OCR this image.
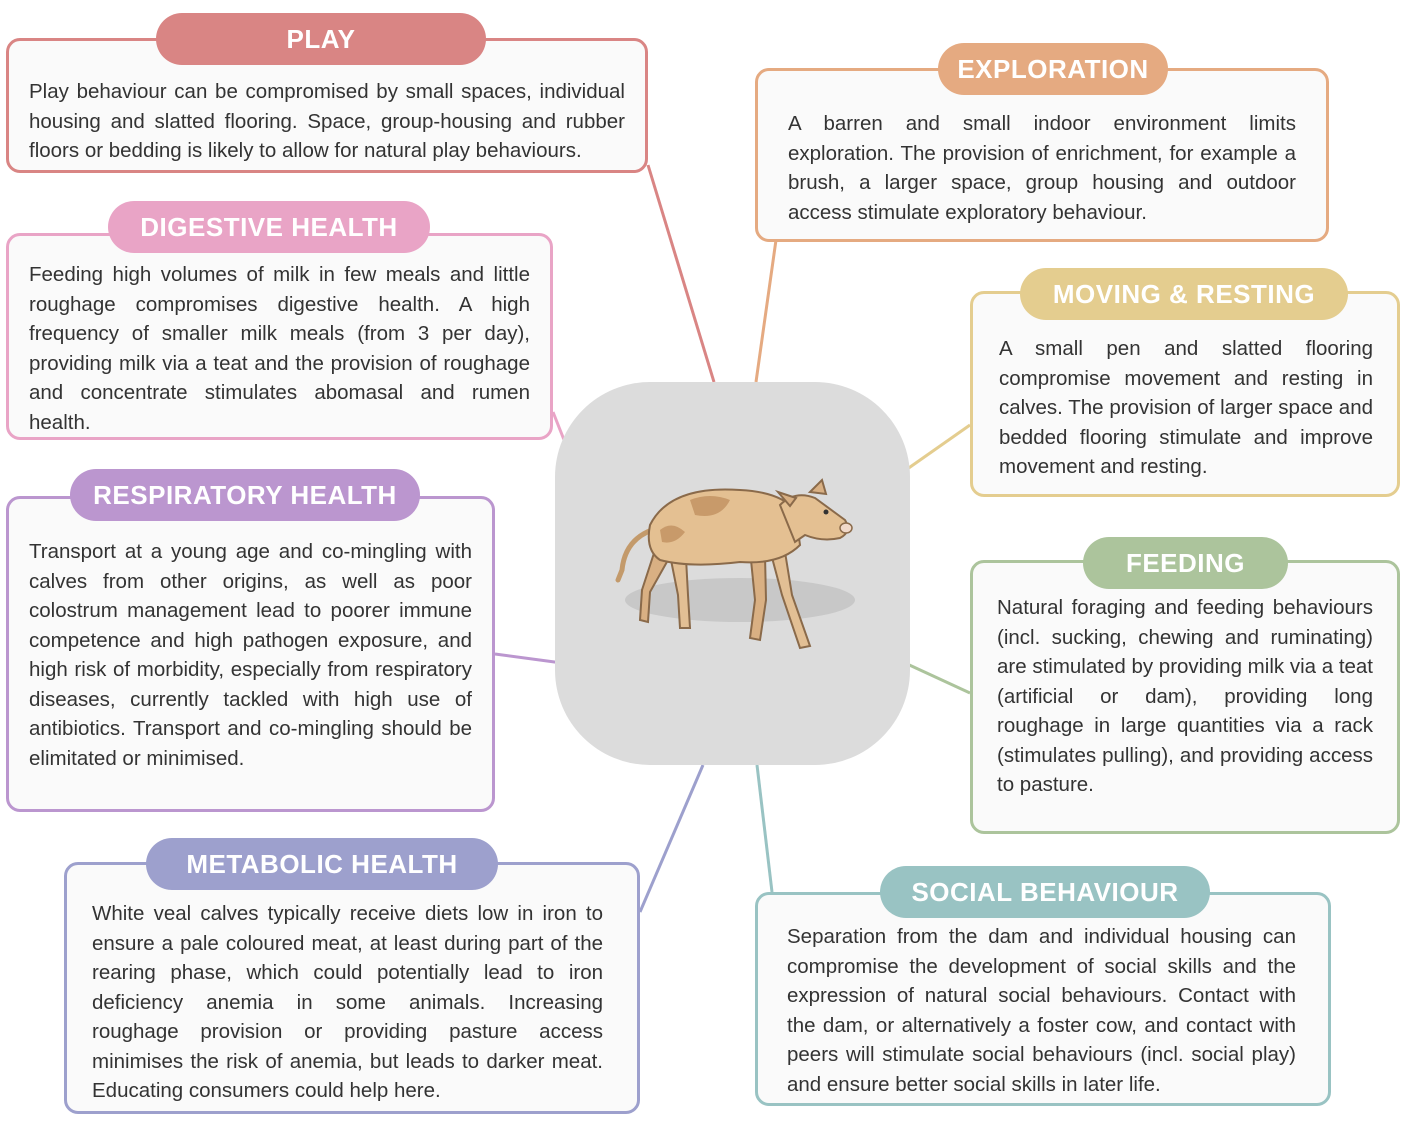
Play behaviour can be compromised by small spaces, individual housing and slatted flooring. Space, group-housing and rubber floors or bedding is likely to allow for natural play behaviours.

PLAY

A barren and small indoor environment limits exploration. The provision of enrichment, for example a brush, a larger space, group housing and outdoor access stimulate exploratory behaviour.

EXPLORATION

Feeding high volumes of milk in few meals and little roughage compromises digestive health. A high frequency of smaller milk meals (from 3 per day), providing milk via a teat and the provision of roughage and concentrate stimulates abomasal and rumen health.

DIGESTIVE HEALTH

A small pen and slatted flooring compromise movement and resting in calves. The provision of larger space and bedded flooring stimulate and improve movement and resting.

MOVING & RESTING

Transport at a young age and co-mingling with calves from other origins, as well as poor colostrum management lead to poorer immune competence and high pathogen exposure, and high risk of morbidity, especially from respiratory diseases, currently tackled with high use of antibiotics. Transport and co-mingling should be elimitated or minimised.

RESPIRATORY HEALTH

Natural foraging and feeding behaviours (incl. sucking, chewing and ruminating) are stimulated by providing milk via a teat (artificial or dam), providing long roughage in large quantities via a rack (stimulates pulling), and providing access to pasture.

FEEDING

White veal calves typically receive diets low in iron to ensure a pale coloured meat, at least during part of the rearing phase, which could potentially lead to iron deficiency anemia in some animals. Increasing roughage provision or providing pasture access minimises the risk of anemia, but leads to darker meat. Educating consumers could help here.

METABOLIC HEALTH

Separation from the dam and individual housing can compromise the development of social skills and the expression of natural social behaviours. Contact with the dam, or alternatively a foster cow, and contact with peers will stimulate social behaviours (incl. social play) and ensure better social skills in later life.

SOCIAL BEHAVIOUR
